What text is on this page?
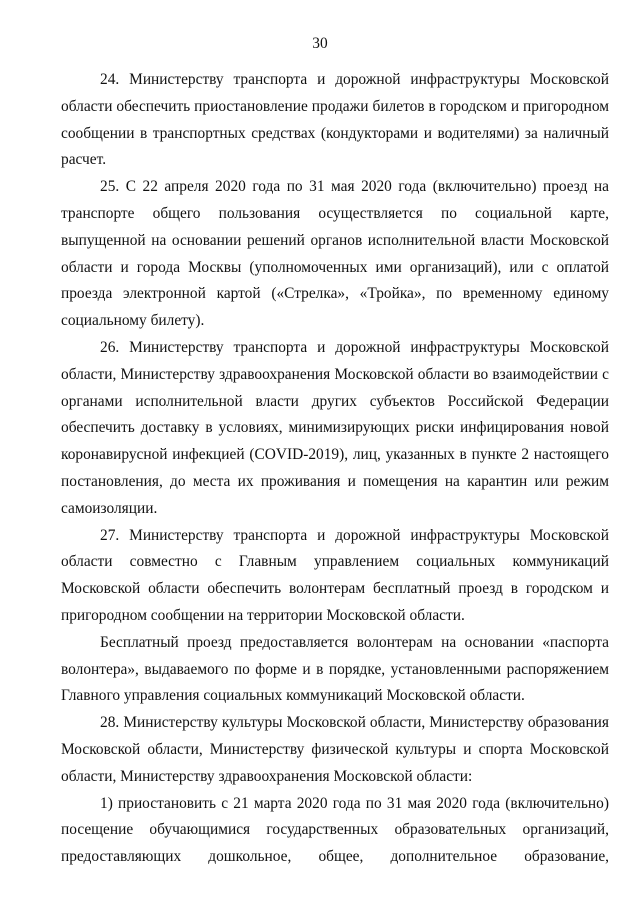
30

24. Министерству транспорта и дорожной инфраструктуры Московской области обеспечить приостановление продажи билетов в городском и пригородном сообщении в транспортных средствах (кондукторами и водителями) за наличный расчет.

25. С 22 апреля 2020 года по 31 мая 2020 года (включительно) проезд на транспорте общего пользования осуществляется по социальной карте, выпущенной на основании решений органов исполнительной власти Московской области и города Москвы (уполномоченных ими организаций), или с оплатой проезда электронной картой («Стрелка», «Тройка», по временному единому социальному билету).

26. Министерству транспорта и дорожной инфраструктуры Московской области, Министерству здравоохранения Московской области во взаимодействии с органами исполнительной власти других субъектов Российской Федерации обеспечить доставку в условиях, минимизирующих риски инфицирования новой коронавирусной инфекцией (COVID-2019), лиц, указанных в пункте 2 настоящего постановления, до места их проживания и помещения на карантин или режим самоизоляции.

27. Министерству транспорта и дорожной инфраструктуры Московской области совместно с Главным управлением социальных коммуникаций Московской области обеспечить волонтерам бесплатный проезд в городском и пригородном сообщении на территории Московской области.

Бесплатный проезд предоставляется волонтерам на основании «паспорта волонтера», выдаваемого по форме и в порядке, установленными распоряжением Главного управления социальных коммуникаций Московской области.

28. Министерству культуры Московской области, Министерству образования Московской области, Министерству физической культуры и спорта Московской области, Министерству здравоохранения Московской области:

1) приостановить с 21 марта 2020 года по 31 мая 2020 года (включительно) посещение обучающимися государственных образовательных организаций, предоставляющих дошкольное, общее, дополнительное образование,
